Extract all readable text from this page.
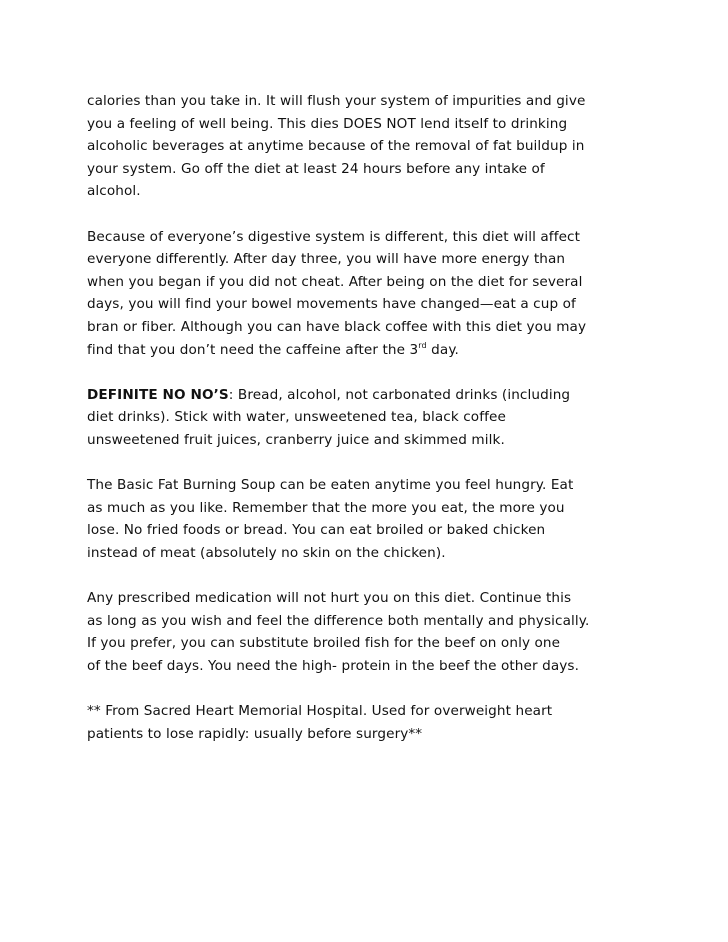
calories than you take in. It will flush your system of impurities and give
you a feeling of well being. This dies DOES NOT lend itself to drinking
alcoholic beverages at anytime because of the removal of fat buildup in
your system. Go off the diet at least 24 hours before any intake of
alcohol.

Because of everyone’s digestive system is different, this diet will affect
everyone differently. After day three, you will have more energy than
when you began if you did not cheat. After being on the diet for several
days, you will find your bowel movements have changed—eat a cup of
bran or fiber. Although you can have black coffee with this diet you may
find that you don’t need the caffeine after the 3rd day.

DEFINITE NO NO’S: Bread, alcohol, not carbonated drinks (including
diet drinks). Stick with water, unsweetened tea, black coffee
unsweetened fruit juices, cranberry juice and skimmed milk.

The Basic Fat Burning Soup can be eaten anytime you feel hungry. Eat
as much as you like. Remember that the more you eat, the more you
lose. No fried foods or bread. You can eat broiled or baked chicken
instead of meat (absolutely no skin on the chicken).

Any prescribed medication will not hurt you on this diet. Continue this
as long as you wish and feel the difference both mentally and physically.
If you prefer, you can substitute broiled fish for the beef on only one
of the beef days. You need the high- protein in the beef the other days.

** From Sacred Heart Memorial Hospital. Used for overweight heart
patients to lose rapidly: usually before surgery**
